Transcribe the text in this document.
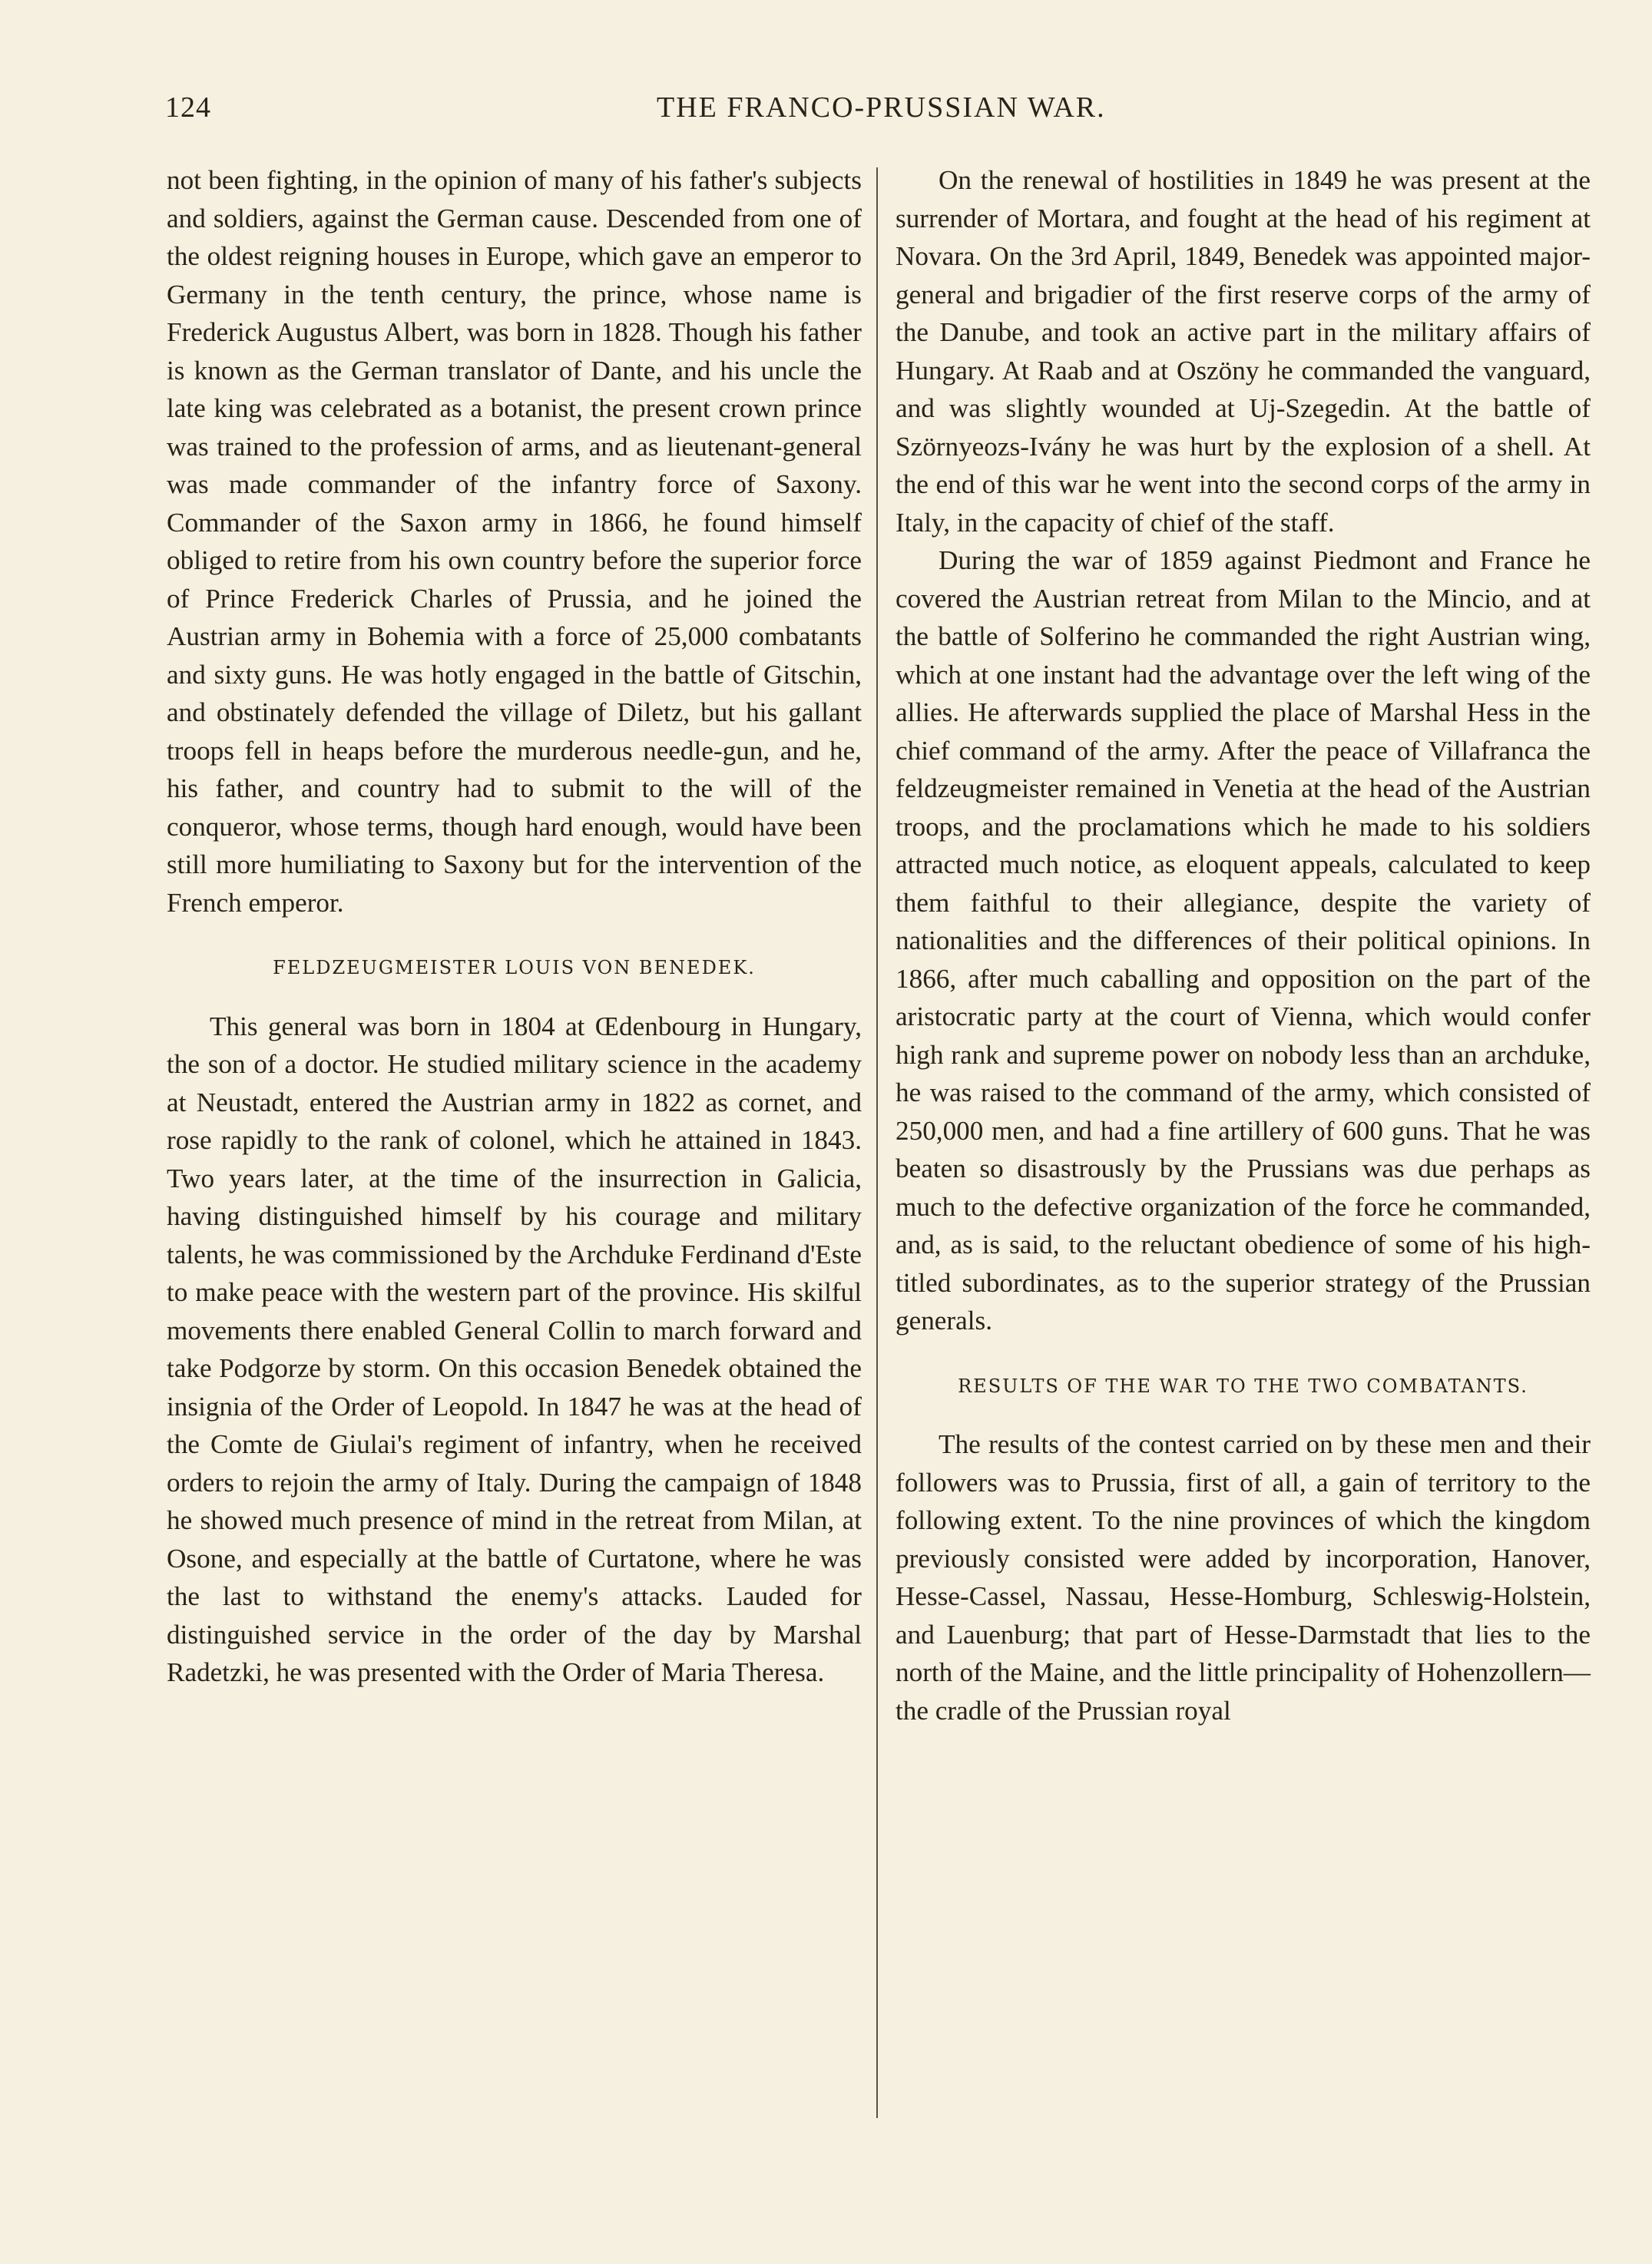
124	THE FRANCO-PRUSSIAN WAR.

not been fighting, in the opinion of many of his father's subjects and soldiers, against the German cause. Descended from one of the oldest reigning houses in Europe, which gave an emperor to Germany in the tenth century, the prince, whose name is Frederick Augustus Albert, was born in 1828. Though his father is known as the German translator of Dante, and his uncle the late king was celebrated as a botanist, the present crown prince was trained to the profession of arms, and as lieutenant-general was made commander of the infantry force of Saxony. Commander of the Saxon army in 1866, he found himself obliged to retire from his own country before the superior force of Prince Frederick Charles of Prussia, and he joined the Austrian army in Bohemia with a force of 25,000 combatants and sixty guns. He was hotly engaged in the battle of Gitschin, and obstinately defended the village of Diletz, but his gallant troops fell in heaps before the murderous needle-gun, and he, his father, and country had to submit to the will of the conqueror, whose terms, though hard enough, would have been still more humiliating to Saxony but for the intervention of the French emperor.

FELDZEUGMEISTER LOUIS VON BENEDEK.

This general was born in 1804 at Œdenbourg in Hungary, the son of a doctor. He studied military science in the academy at Neustadt, entered the Austrian army in 1822 as cornet, and rose rapidly to the rank of colonel, which he attained in 1843. Two years later, at the time of the insurrection in Galicia, having distinguished himself by his courage and military talents, he was commissioned by the Archduke Ferdinand d'Este to make peace with the western part of the province. His skilful movements there enabled General Collin to march forward and take Podgorze by storm. On this occasion Benedek obtained the insignia of the Order of Leopold. In 1847 he was at the head of the Comte de Giulai's regiment of infantry, when he received orders to rejoin the army of Italy. During the campaign of 1848 he showed much presence of mind in the retreat from Milan, at Osone, and especially at the battle of Curtatone, where he was the last to withstand the enemy's attacks. Lauded for distinguished service in the order of the day by Marshal Radetzki, he was presented with the Order of Maria Theresa.

On the renewal of hostilities in 1849 he was present at the surrender of Mortara, and fought at the head of his regiment at Novara. On the 3rd April, 1849, Benedek was appointed major-general and brigadier of the first reserve corps of the army of the Danube, and took an active part in the military affairs of Hungary. At Raab and at Oszöny he commanded the vanguard, and was slightly wounded at Uj-Szegedin. At the battle of Szörnyeozs-Ivány he was hurt by the explosion of a shell. At the end of this war he went into the second corps of the army in Italy, in the capacity of chief of the staff.

During the war of 1859 against Piedmont and France he covered the Austrian retreat from Milan to the Mincio, and at the battle of Solferino he commanded the right Austrian wing, which at one instant had the advantage over the left wing of the allies. He afterwards supplied the place of Marshal Hess in the chief command of the army. After the peace of Villafranca the feldzeugmeister remained in Venetia at the head of the Austrian troops, and the proclamations which he made to his soldiers attracted much notice, as eloquent appeals, calculated to keep them faithful to their allegiance, despite the variety of nationalities and the differences of their political opinions. In 1866, after much caballing and opposition on the part of the aristocratic party at the court of Vienna, which would confer high rank and supreme power on nobody less than an archduke, he was raised to the command of the army, which consisted of 250,000 men, and had a fine artillery of 600 guns. That he was beaten so disastrously by the Prussians was due perhaps as much to the defective organization of the force he commanded, and, as is said, to the reluctant obedience of some of his high-titled subordinates, as to the superior strategy of the Prussian generals.

RESULTS OF THE WAR TO THE TWO COMBATANTS.

The results of the contest carried on by these men and their followers was to Prussia, first of all, a gain of territory to the following extent. To the nine provinces of which the kingdom previously consisted were added by incorporation, Hanover, Hesse-Cassel, Nassau, Hesse-Homburg, Schleswig-Holstein, and Lauenburg; that part of Hesse-Darmstadt that lies to the north of the Maine, and the little principality of Hohenzollern—the cradle of the Prussian royal
